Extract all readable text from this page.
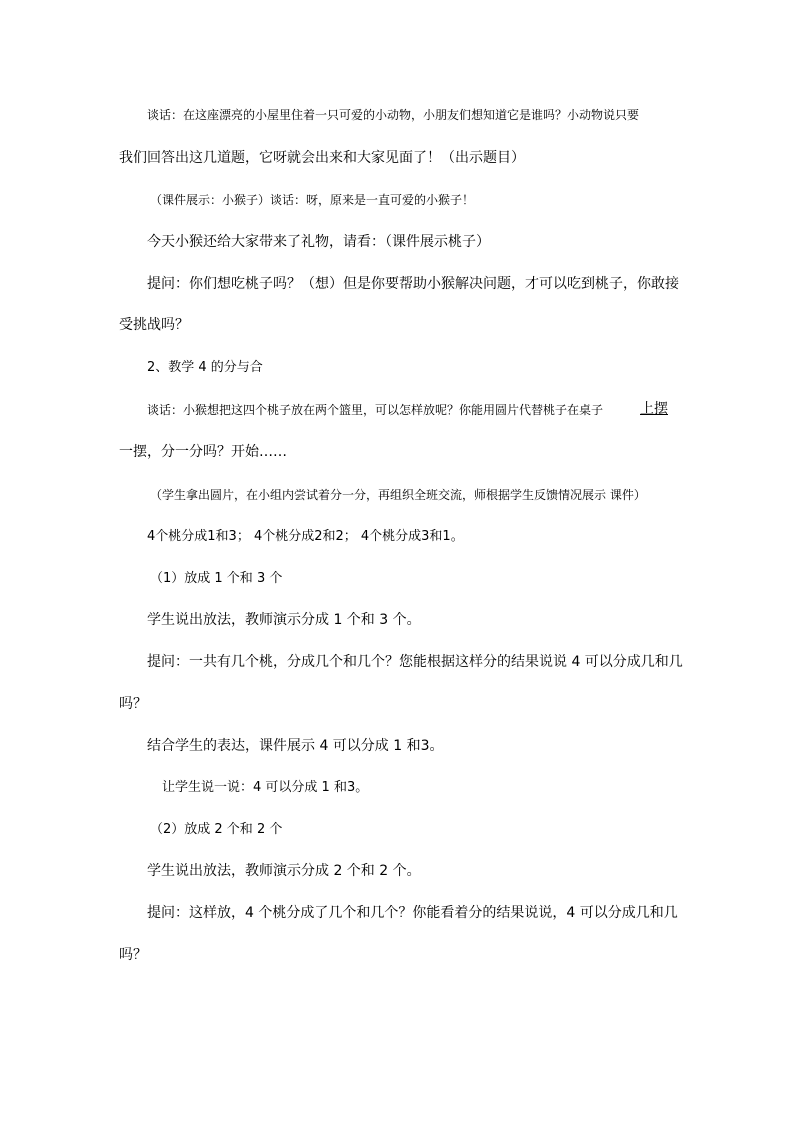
谈话：在这座漂亮的小屋里住着一只可爱的小动物，小朋友们想知道它是谁吗？小动物说只要
我们回答出这几道题，它呀就会出来和大家见面了！（出示题目）
（课件展示：小猴子）谈话：呀，原来是一直可爱的小猴子！
今天小猴还给大家带来了礼物，请看：（课件展示桃子）
提问：你们想吃桃子吗？（想）但是你要帮助小猴解决问题，才可以吃到桃子，你敢接
受挑战吗？
2、教学 4 的分与合
谈话：小猴想把这四个桃子放在两个篮里，可以怎样放呢？你能用圆片代替桃子在桌子	上摆
一摆，分一分吗？开始……
（学生拿出圆片，在小组内尝试着分一分，再组织全班交流，师根据学生反馈情况展示 课件）
4个桃分成1和3； 4个桃分成2和2； 4个桃分成3和1。
（1）放成 1 个和 3 个
学生说出放法，教师演示分成 1 个和 3 个。
提问：一共有几个桃，分成几个和几个？您能根据这样分的结果说说 4 可以分成几和几
吗？
结合学生的表达，课件展示 4 可以分成 1 和3。
让学生说一说：4 可以分成 1 和3。
（2）放成 2 个和 2 个
学生说出放法，教师演示分成 2 个和 2 个。
提问：这样放，4 个桃分成了几个和几个？你能看着分的结果说说，4 可以分成几和几
吗？
